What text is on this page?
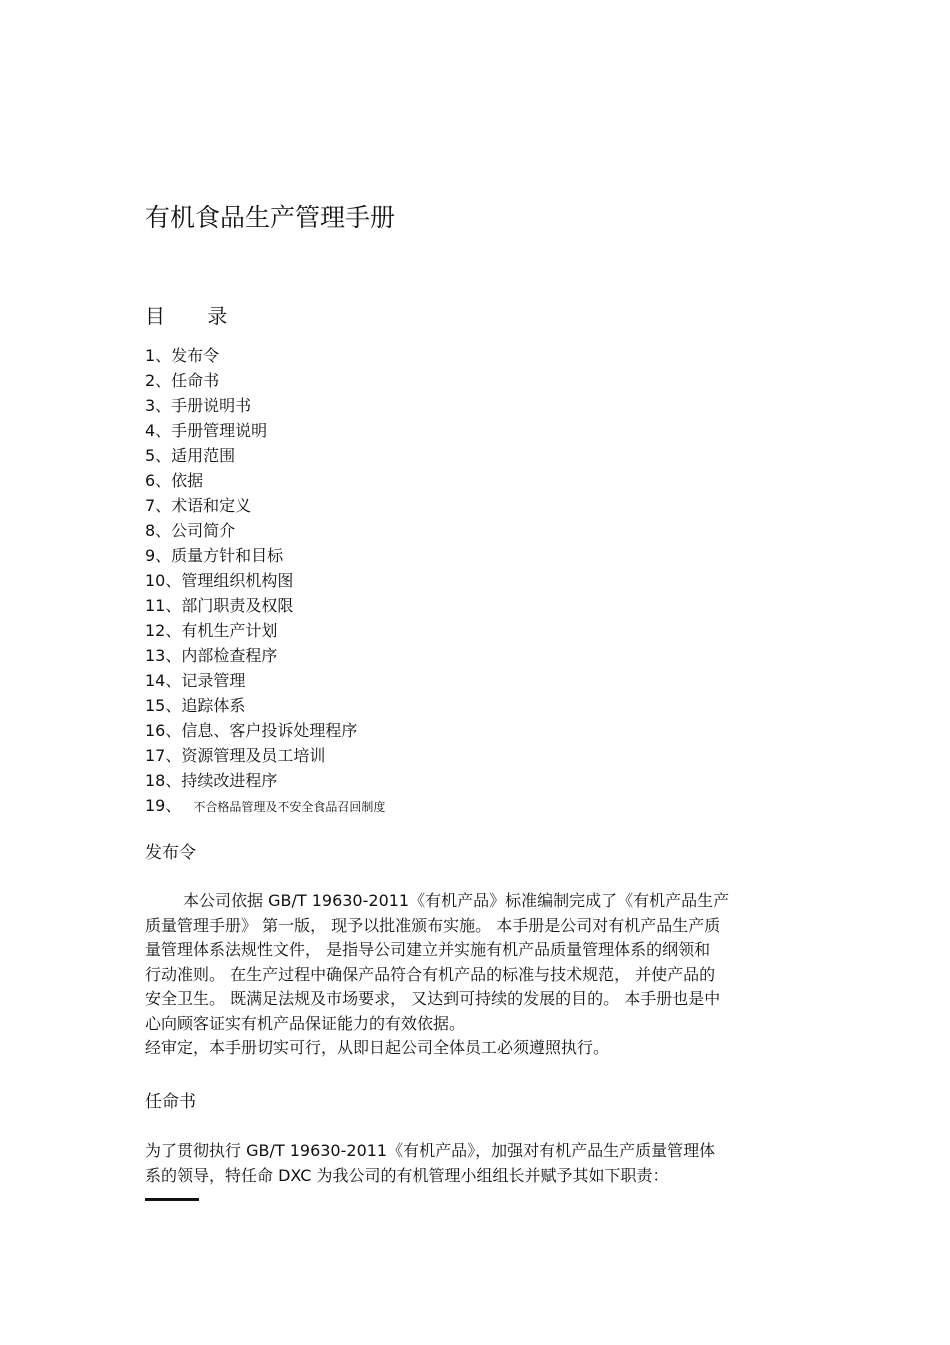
有机食品生产管理手册
目 录
1、发布令
2、任命书
3、手册说明书
4、手册管理说明
5、适用范围
6、依据
7、术语和定义
8、公司简介
9、质量方针和目标
10、管理组织机构图
11、部门职责及权限
12、有机生产计划
13、内部检查程序
14、记录管理
15、追踪体系
16、信息、客户投诉处理程序
17、资源管理及员工培训
18、持续改进程序
19、 不合格品管理及不安全食品召回制度
发布令

本公司依据 GB/T 19630-2011《有机产品》标准编制完成了《有机产品生产
质量管理手册》 第一版， 现予以批准颁布实施。 本手册是公司对有机产品生产质
量管理体系法规性文件， 是指导公司建立并实施有机产品质量管理体系的纲领和
行动准则。 在生产过程中确保产品符合有机产品的标准与技术规范， 并使产品的
安全卫生。 既满足法规及市场要求， 又达到可持续的发展的目的。 本手册也是中
心向顾客证实有机产品保证能力的有效依据。
经审定，本手册切实可行，从即日起公司全体员工必须遵照执行。

任命书

为了贯彻执行 GB/T 19630-2011《有机产品》，加强对有机产品生产质量管理体
系的领导，特任命 DXC 为我公司的有机管理小组组长并赋予其如下职责：
